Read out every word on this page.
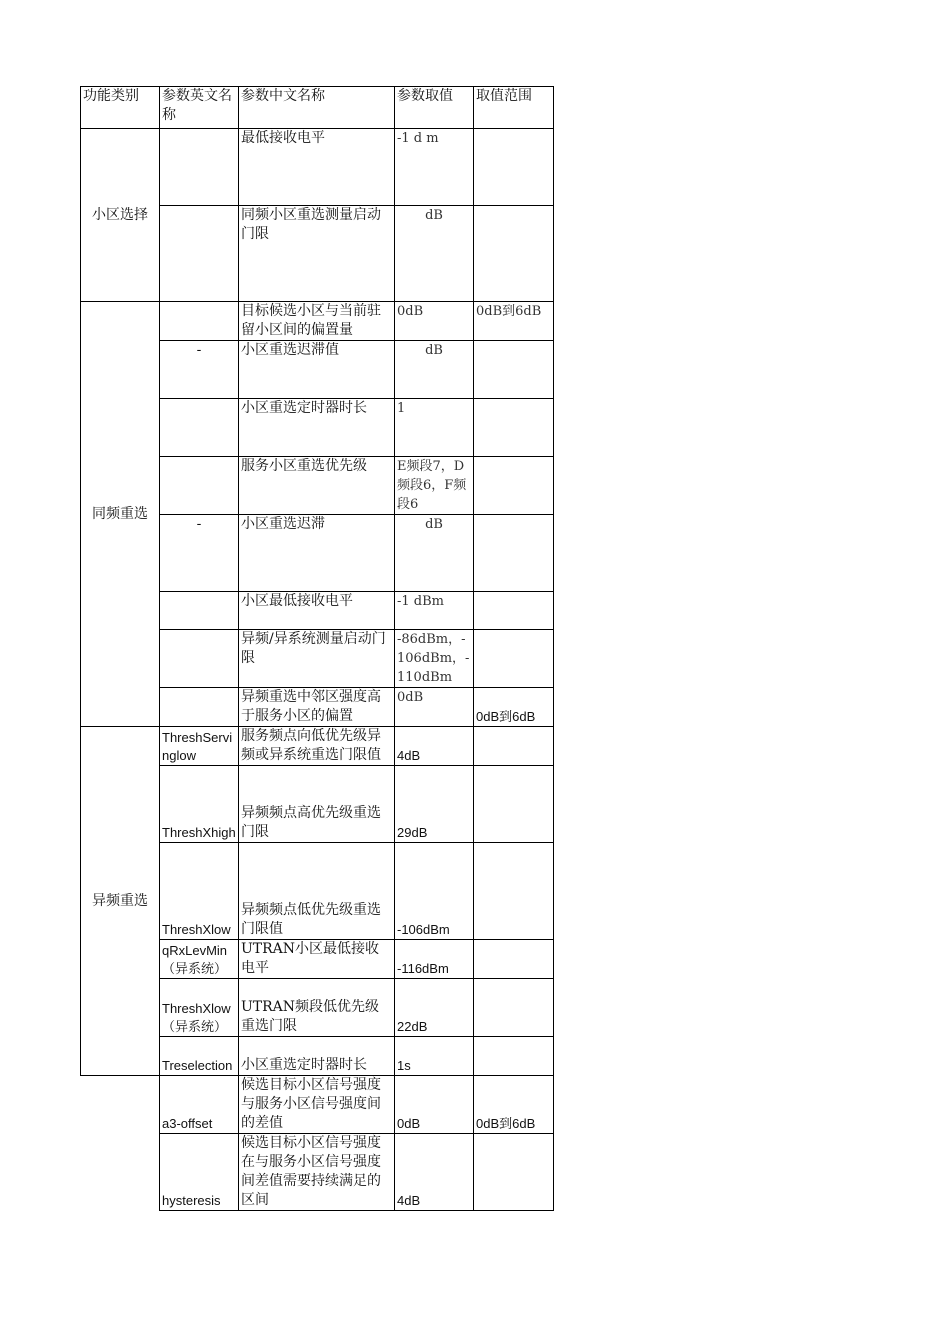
功能类别	参数英文名称	参数中文名称	参数取值	取值范围
小区选择		最低接收电平	-1 d m	
		同频小区重选测量启动门限	dB	
同频重选		目标候选小区与当前驻留小区间的偏置量	0dB	0dB到6dB
	-	小区重选迟滞值	dB	
		小区重选定时器时长	1	
		服务小区重选优先级	E频段7，D频段6，F频段6	
	-	小区重选迟滞	dB	
		小区最低接收电平	-1 dBm	
		异频/异系统测量启动门限	-86dBm，-106dBm，-110dBm	
		异频重选中邻区强度高于服务小区的偏置	0dB	0dB到6dB
异频重选	ThreshServinglow	服务频点向低优先级异频或异系统重选门限值	4dB	
	ThreshXhigh	异频频点高优先级重选门限	29dB	
	ThreshXlow	异频频点低优先级重选门限值	-106dBm	
	qRxLevMin（异系统）	UTRAN小区最低接收电平	-116dBm	
	ThreshXlow（异系统）	UTRAN频段低优先级重选门限	22dB	
	Treselection	小区重选定时器时长	1s	
	a3-offset	候选目标小区信号强度与服务小区信号强度间的差值	0dB	0dB到6dB
	hysteresis	候选目标小区信号强度在与服务小区信号强度间差值需要持续满足的区间	4dB	
